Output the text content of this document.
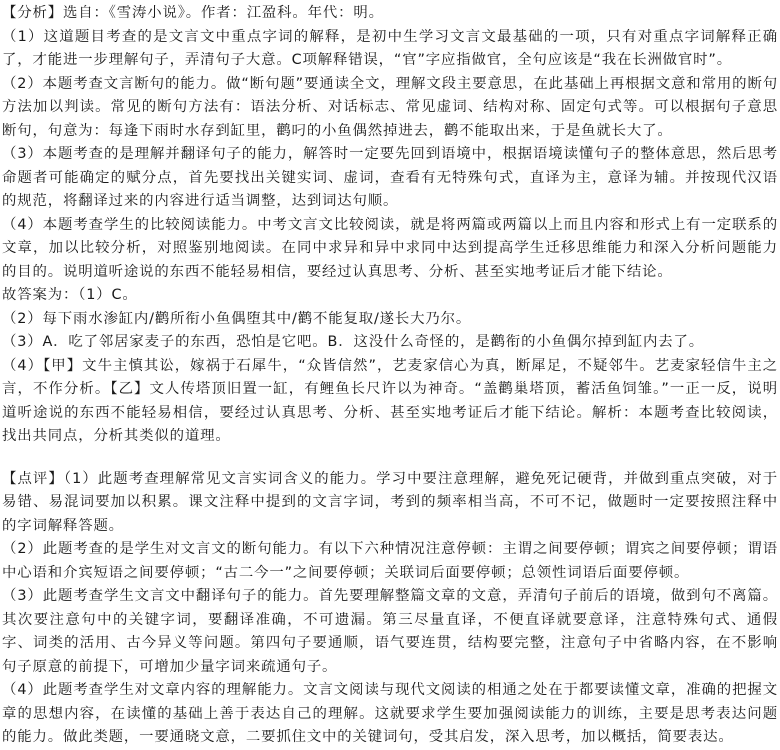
【分析】选自：《雪涛小说》。作者：江盈科。年代：明。

（1）这道题目考查的是文言文中重点字词的解释，是初中生学习文言文最基础的一项，只有对重点字词解释正确了，才能进一步理解句子，弄清句子大意。C项解释错误，“官”字应指做官，全句应该是“我在长洲做官时”。

（2）本题考查文言断句的能力。做“断句题”要通读全文，理解文段主要意思，在此基础上再根据文意和常用的断句方法加以判读。常见的断句方法有：语法分析、对话标志、常见虚词、结构对称、固定句式等。可以根据句子意思断句，句意为：每逢下雨时水存到缸里，鹳叼的小鱼偶然掉进去，鹳不能取出来，于是鱼就长大了。

（3）本题考查的是理解并翻译句子的能力，解答时一定要先回到语境中，根据语境读懂句子的整体意思，然后思考命题者可能确定的赋分点，首先要找出关键实词、虚词，查看有无特殊句式，直译为主，意译为辅。并按现代汉语的规范，将翻译过来的内容进行适当调整，达到词达句顺。

（4）本题考查学生的比较阅读能力。中考文言文比较阅读，就是将两篇或两篇以上而且内容和形式上有一定联系的文章，加以比较分析，对照鉴别地阅读。在同中求异和异中求同中达到提高学生迁移思维能力和深入分析问题能力的目的。说明道听途说的东西不能轻易相信，要经过认真思考、分析、甚至实地考证后才能下结论。

故答案为：（1）C。

（2）每下雨水渗缸内/鹳所衔小鱼偶堕其中/鹳不能复取/遂长大乃尔。

（3）A．吃了邻居家麦子的东西，恐怕是它吧。B．这没什么奇怪的，是鹳衔的小鱼偶尔掉到缸内去了。

（4）【甲】文牛主慎其讼，嫁祸于石犀牛，“众皆信然”，艺麦家信心为真，断犀足，不疑邻牛。艺麦家轻信牛主之言，不作分析。【乙】文人传塔顶旧置一缸，有鲤鱼长尺许以为神奇。“盖鹳巢塔顶，蓄活鱼饲雏。”一正一反，说明道听途说的东西不能轻易相信，要经过认真思考、分析、甚至实地考证后才能下结论。解析：本题考查比较阅读，找出共同点，分析其类似的道理。

【点评】（1）此题考查理解常见文言实词含义的能力。学习中要注意理解，避免死记硬背，并做到重点突破，对于易错、易混词要加以积累。课文注释中提到的文言字词，考到的频率相当高，不可不记，做题时一定要按照注释中的字词解释答题。

（2）此题考查的是学生对文言文的断句能力。有以下六种情况注意停顿：主谓之间要停顿；谓宾之间要停顿；谓语中心语和介宾短语之间要停顿；“古二今一”之间要停顿；关联词后面要停顿；总领性词语后面要停顿。

（3）此题考查学生文言文中翻译句子的能力。首先要理解整篇文章的文意，弄清句子前后的语境，做到句不离篇。其次要注意句中的关键字词，要翻译准确，不可遗漏。第三尽量直译，不便直译就要意译，注意特殊句式、通假字、词类的活用、古今异义等问题。第四句子要通顺，语气要连贯，结构要完整，注意句子中省略内容，在不影响句子原意的前提下，可增加少量字词来疏通句子。

（4）此题考查学生对文章内容的理解能力。文言文阅读与现代文阅读的相通之处在于都要读懂文章，准确的把握文章的思想内容，在读懂的基础上善于表达自己的理解。这就要求学生要加强阅读能力的训练，主要是思考表达问题的能力。做此类题，一要通晓文意，二要抓住文中的关键词句，受其启发，深入思考，加以概括，简要表达。
